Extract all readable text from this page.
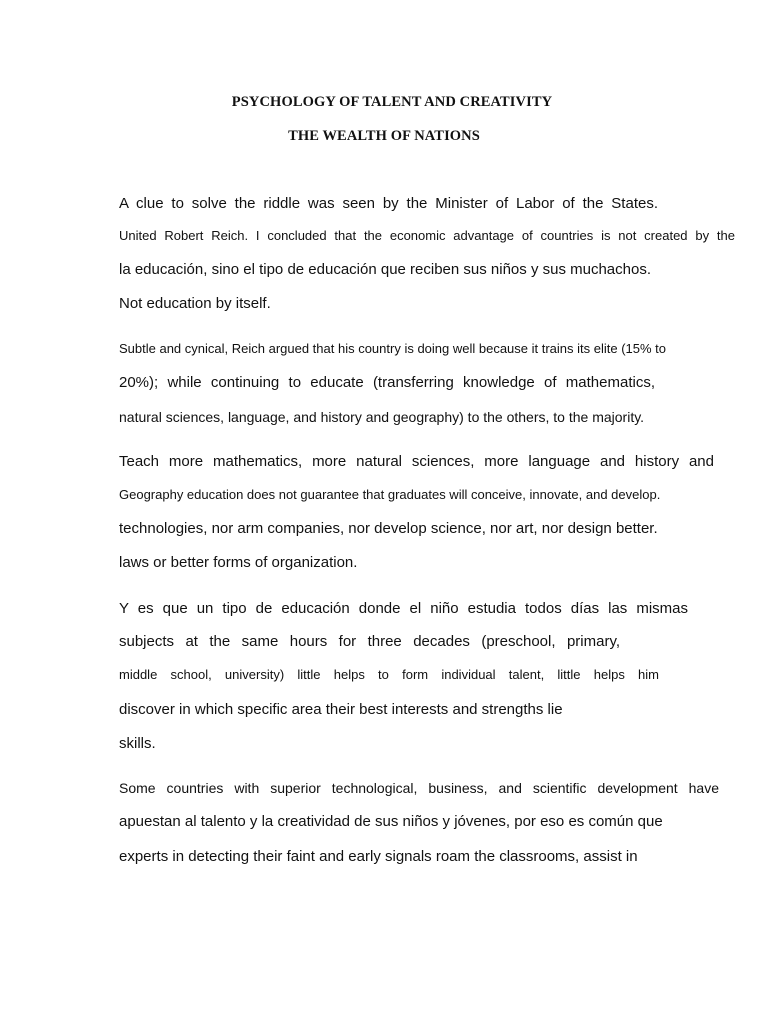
PSYCHOLOGY OF TALENT AND CREATIVITY
THE WEALTH OF NATIONS

A clue to solve the riddle was seen by the Minister of Labor of the States.

United Robert Reich. I concluded that the economic advantage of countries is not created by the

la educación, sino el tipo de educación que reciben sus niños y sus muchachos.

Not education by itself.

Subtle and cynical, Reich argued that his country is doing well because it trains its elite (15% to

20%); while continuing to educate (transferring knowledge of mathematics,

natural sciences, language, and history and geography) to the others, to the majority.

Teach more mathematics, more natural sciences, more language and history and

Geography education does not guarantee that graduates will conceive, innovate, and develop.

technologies, nor arm companies, nor develop science, nor art, nor design better.

laws or better forms of organization.

Y es que un tipo de educación donde el niño estudia todos días las mismas

subjects at the same hours for three decades (preschool, primary,

middle school, university) little helps to form individual talent, little helps him

discover in which specific area their best interests and strengths lie

skills.

Some countries with superior technological, business, and scientific development have

apuestan al talento y la creatividad de sus niños y jóvenes, por eso es común que

experts in detecting their faint and early signals roam the classrooms, assist in
